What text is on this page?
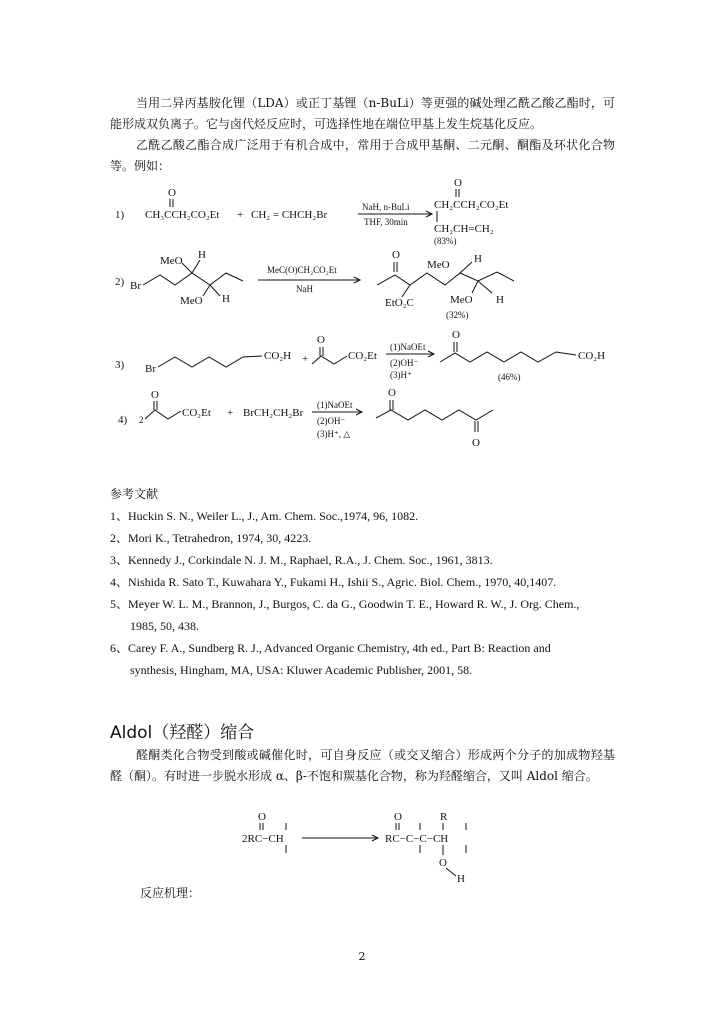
当用二异丙基胺化锂（LDA）或正丁基锂（n-BuLi）等更强的碱处理乙酰乙酸乙酯时，可能形成双负离子。它与卤代烃反应时，可选择性地在端位甲基上发生烷基化反应。

乙酰乙酸乙酯合成广泛用于有机合成中，常用于合成甲基酮、二元酮、酮酯及环状化合物等。例如：

1)
O
CH₃CCH₂CO₂Et + CH₂ = CHCH₂Br
NaH, n-BuLi
THF, 30min
O
CH₂CCH₂CO₂Et
CH₂CH=CH₂
(83%)
2) Br
MeO H
MeO H
MeC(O)CH₂CO₂Et
NaH
O
EtO₂C
MeO H
MeO H
(32%)
3) Br
CO₂H +
O
CO₂Et
(1)NaOEt
(2)OH⁻
(3)H⁺
O
CO₂H
(46%)
4) 2
O
CO₂Et + BrCH₂CH₂Br
(1)NaOEt
(2)OH⁻
(3)H⁺, △
O
O

参考文献

1、Huckin S. N., Weiler L., J., Am. Chem. Soc.,1974, 96, 1082.
2、Mori K., Tetrahedron, 1974, 30, 4223.
3、Kennedy J., Corkindale N. J. M., Raphael, R.A., J. Chem. Soc., 1961, 3813.
4、Nishida R. Sato T., Kuwahara Y., Fukami H., Ishii S., Agric. Biol. Chem., 1970, 40,1407.
5、Meyer W. L. M., Brannon, J., Burgos, C. da G., Goodwin T. E., Howard R. W., J. Org. Chem.,
1985, 50, 438.
6、Carey F. A., Sundberg R. J., Advanced Organic Chemistry, 4th ed., Part B: Reaction and
synthesis, Hingham, MA, USA: Kluwer Academic Publisher, 2001, 58.
Aldol（羟醛）缩合

醛酮类化合物受到酸或碱催化时，可自身反应（或交叉缩合）形成两个分子的加成物羟基醛（酮）。有时进一步脱水形成 α、β-不饱和羰基化合物，称为羟醛缩合，又叫 Aldol 缩合。

O
2RC−CH
O	R
RC−C−C−CH
O
H

反应机理：

2
